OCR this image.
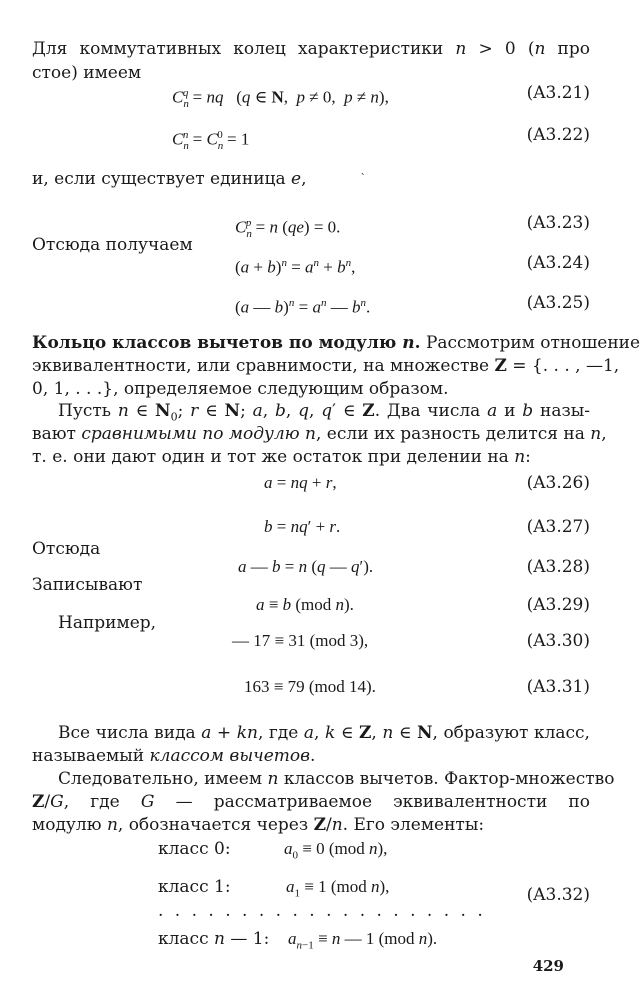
Для коммутативных колец характеристики n > 0 (n про
стое) имеем
$C_n^q$ = nq   (q ∈ N,  p ≠ 0,  p ≠ n),	(A3.21)
$C_n^n = C_n^0 = 1$	(A3.22)
и, если существует единица e,          `
$C_n^p = n$ (qe) = 0.	(A3.23)
Отсюда получаем
$(a + b)^n = a^n + b^n$,	(A3.24)
(a — $b)^n = a^n$ — $b^n$.	(A3.25)
Кольцо классов вычетов по модулю n. Рассмотрим отношение
эквивалентности, или сравнимости, на множестве Z = {. . . , —1,
0, 1, . . .}, определяемое следующим образом.
Пусть n ∈ $N_0$; r ∈ N; a, b, q, q′ ∈ Z. Два числа a и b назы-
вают сравнимыми по модулю n, если их разность делится на n,
т. е. они дают один и тот же остаток при делении на n:
a = nq + r,	(A3.26)
b = nq′ + r.	(A3.27)
Отсюда
a — b = n (q — q′).	(A3.28)
Записывают
a ≡ b (mod n).	(A3.29)
Например,
— 17 ≡ 31 (mod 3),	(A3.30)
163 ≡ 79 (mod 14).	(A3.31)
Все числа вида a + kn, где a, k ∈ Z, n ∈ N, образуют класс,
называемый классом вычетов.
Следовательно, имеем n классов вычетов. Фактор-множество
Z/G, где G — рассматриваемое эквивалентности по
модулю n, обозначается через Z/n. Его элементы:
класс 0:	$a_0 \equiv 0$ (mod n),
класс 1:	$a_1 \equiv 1$ (mod n),	(A3.32)
. . . . . . . . . . . . . . . . . . . .
класс n — 1: $a_{n-1} \equiv n$ — 1 (mod n).
429
